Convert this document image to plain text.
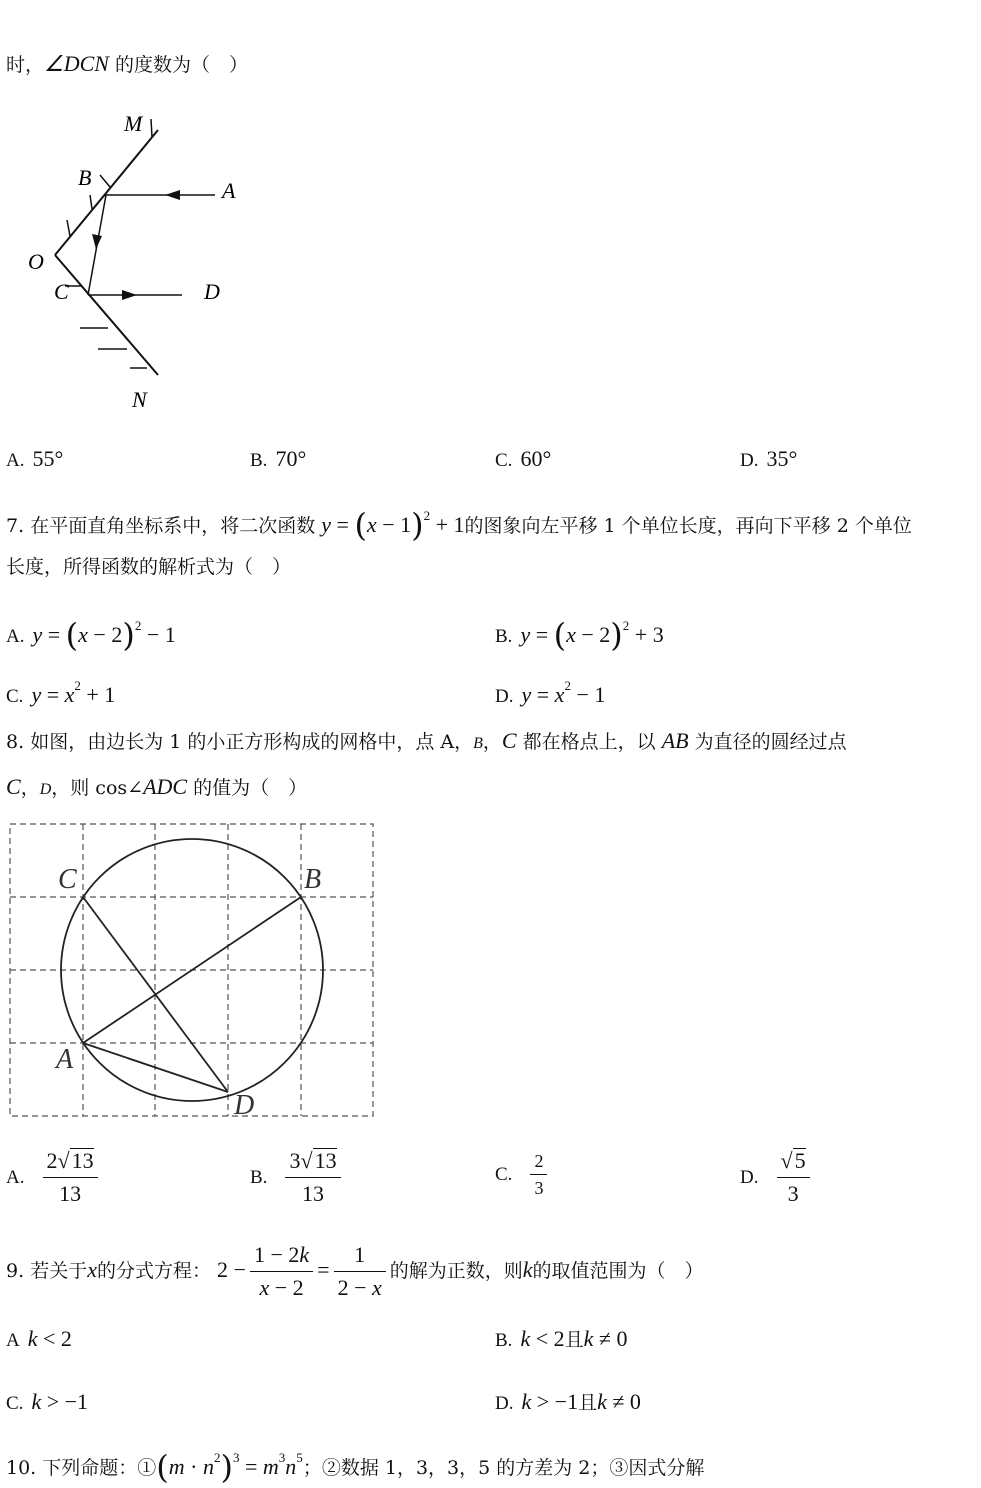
时，∠DCN 的度数为（　）
M
B
A
O
C	D
N
A. 55°	B. 70°	C. 60°	D. 35°
7. 在平面直角坐标系中，将二次函数 $y = (x - 1)^2 + 1$的图象向左平移 1 个单位长度，再向下平移 2 个单位
长度，所得函数的解析式为（　）
A. $y = (x - 2)^2 - 1$	B. $y = (x - 2)^2 + 3$
C. $y = x^2 + 1$	D. $y = x^2 - 1$
8. 如图，由边长为 1 的小正方形构成的网格中，点 A，B，C 都在格点上，以 AB 为直径的圆经过点
C，D，则 cos∠ADC 的值为（　）
C	B
A
D
A. $\frac{2√13}{13}$	B. $\frac{3√13}{13}$	C. $\frac{2}{3}$	D. $\frac{√5}{3}$
9. 若关于x的分式方程： $2 - \frac{1 - 2k}{x - 2} = \frac{1}{2 - x}$ 的解为正数，则k的取值范围为（　）
A k < 2	B. k < 2且k ≠ 0
C. k > −1	D. k > −1且k ≠ 0
10. 下列命题：①(m · $n^2)^3 = m^3n^5$；②数据 1，3，3，5 的方差为 2；③因式分解
